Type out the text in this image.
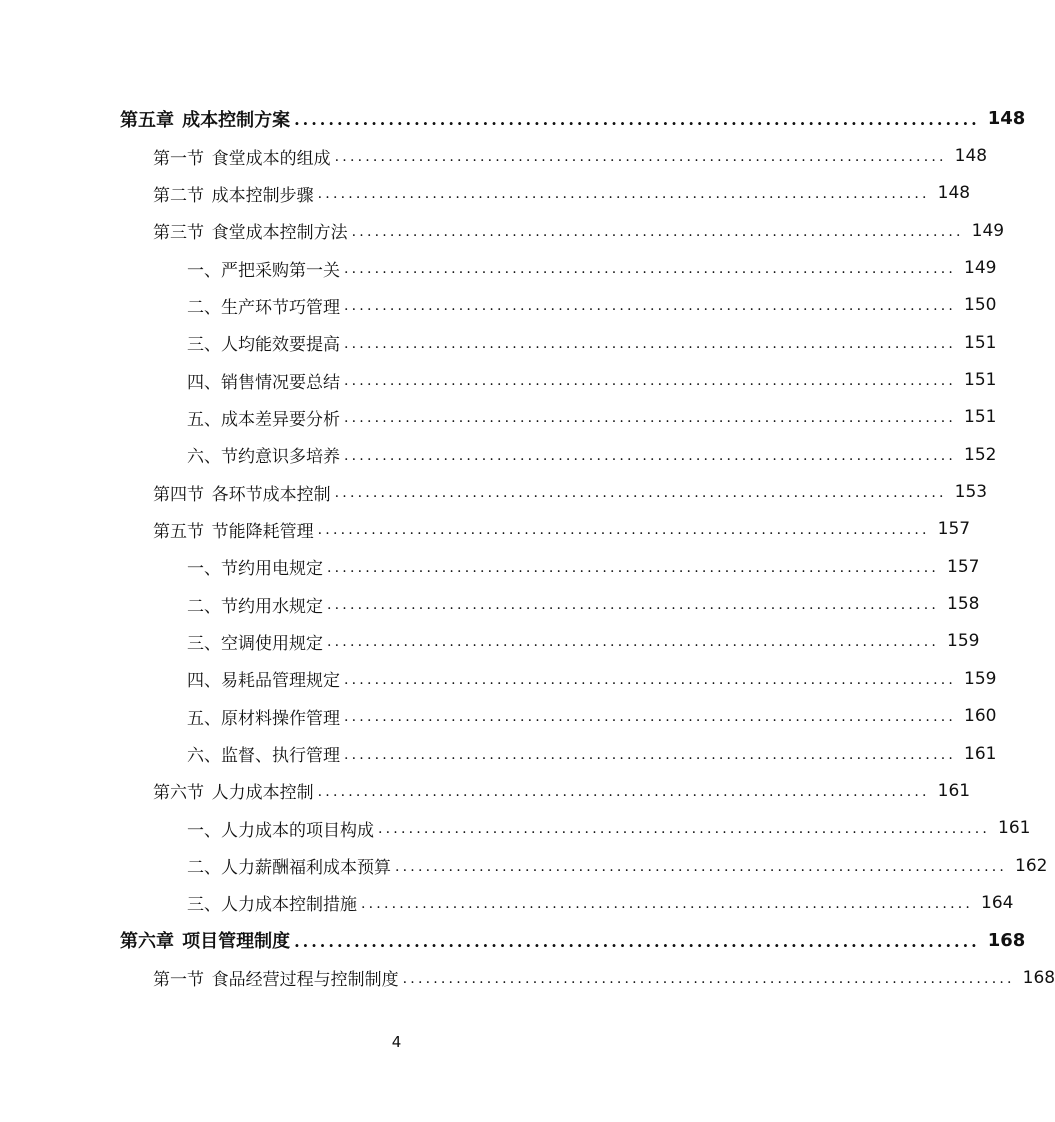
第五章 成本控制方案 ................................................................................ 148
第一节 食堂成本的组成 ................................................................................ 148
第二节 成本控制步骤 ................................................................................ 148
第三节 食堂成本控制方法 ................................................................................ 149
一、严把采购第一关 ................................................................................ 149
二、生产环节巧管理 ................................................................................ 150
三、人均能效要提高 ................................................................................ 151
四、销售情况要总结 ................................................................................ 151
五、成本差异要分析 ................................................................................ 151
六、节约意识多培养 ................................................................................ 152
第四节 各环节成本控制 ................................................................................ 153
第五节 节能降耗管理 ................................................................................ 157
一、节约用电规定 ................................................................................ 157
二、节约用水规定 ................................................................................ 158
三、空调使用规定 ................................................................................ 159
四、易耗品管理规定 ................................................................................ 159
五、原材料操作管理 ................................................................................ 160
六、监督、执行管理 ................................................................................ 161
第六节 人力成本控制 ................................................................................ 161
一、人力成本的项目构成 ................................................................................ 161
二、人力薪酬福利成本预算 ................................................................................ 162
三、人力成本控制措施 ................................................................................ 164
第六章 项目管理制度 ................................................................................ 168
第一节 食品经营过程与控制制度 ................................................................................ 168
4
